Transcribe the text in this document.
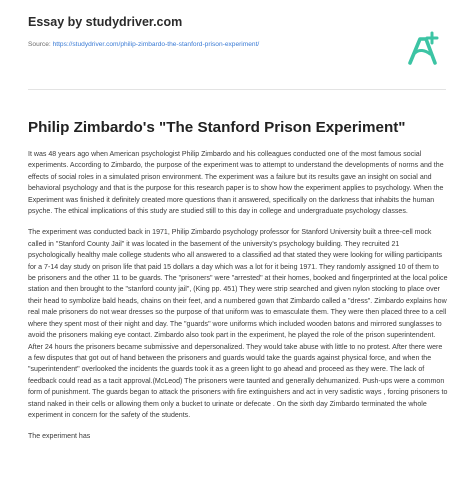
Essay by studydriver.com
Source: https://studydriver.com/philip-zimbardo-the-stanford-prison-experiment/
Philip Zimbardo's "The Stanford Prison Experiment"

It was 48 years ago when American psychologist Philip Zimbardo and his colleagues conducted one of the most famous social experiments. According to Zimbardo, the purpose of the experiment was to attempt to understand the developments of norms and the effects of social roles in a simulated prison environment. The experiment was a failure but its results gave an insight on social and behavioral psychology and that is the purpose for this research paper is to show how the experiment applies to psychology. When the Experiment was finished it definitely created more questions than it answered, specifically on the darkness that inhabits the human psyche. The ethical implications of this study are studied still to this day in college and undergraduate psychology classes.

The experiment was conducted back in 1971, Philip Zimbardo psychology professor for Stanford University built a three-cell mock called in "Stanford County Jail" it was located in the basement of the university's psychology building. They recruited 21 psychologically healthy male college students who all answered to a classified ad that stated they were looking for willing participants for a 7-14 day study on prison life that paid 15 dollars a day which was a lot for it being 1971. They randomly assigned 10 of them to be prisoners and the other 11 to be guards. The "prisoners" were "arrested" at their homes, booked and fingerprinted at the local police station and then brought to the "stanford county jail", (King pp. 451) They were strip searched and given nylon stocking to place over their head to symbolize bald heads, chains on their feet, and a numbered gown that Zimbardo called a "dress". Zimbardo explains how real male prisoners do not wear dresses so the purpose of that uniform was to emasculate them. They were then placed three to a cell where they spent most of their night and day. The "guards" wore uniforms which included wooden batons and mirrored sunglasses to avoid the prisoners making eye contact. Zimbardo also took part in the experiment, he played the role of the prison superintendent. After 24 hours the prisoners became submissive and depersonalized. They would take abuse with little to no protest. After there were a few disputes that got out of hand between the prisoners and guards would take the guards against physical force, and when the "superintendent" overlooked the incidents the guards took it as a green light to go ahead and proceed as they were. The lack of feedback could read as a tacit approval.(McLeod) The prisoners were taunted and generally dehumanized. Push-ups were a common form of punishment. The guards began to attack the prisoners with fire extinguishers and act in very sadistic ways , forcing prisoners to stand naked in their cells or allowing them only a bucket to urinate or defecate . On the sixth day Zimbardo terminated the whole experiment in concern for the safety of the students.

The experiment has
